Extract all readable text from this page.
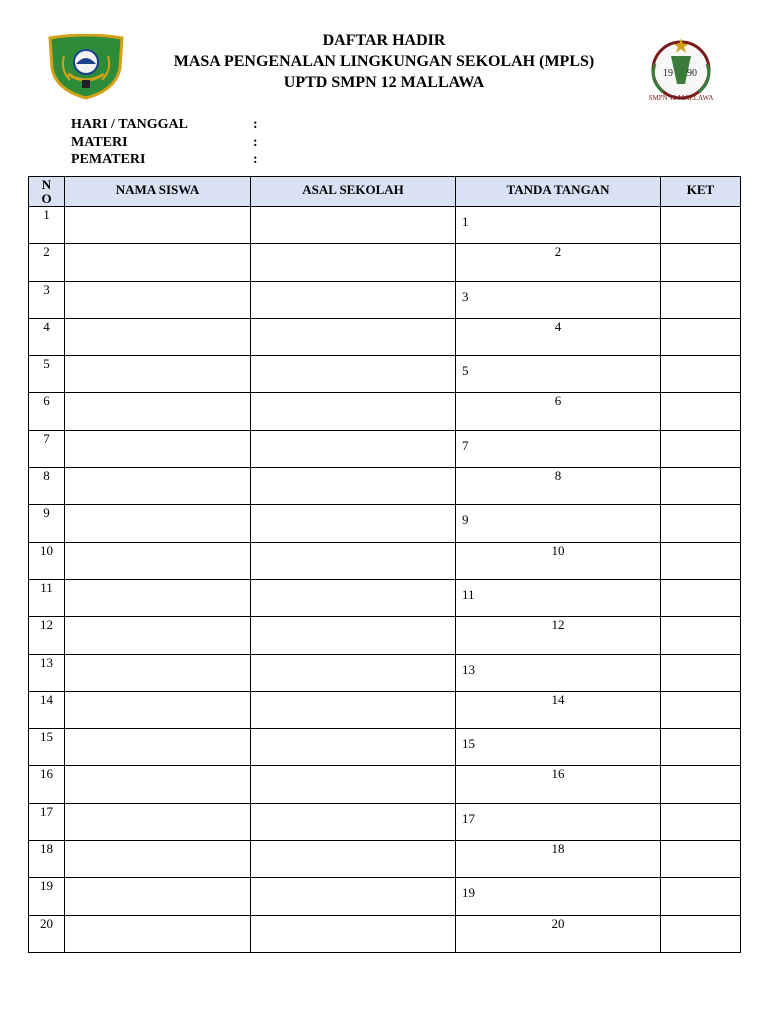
19 90
SMPN 12 MALLAWA
DAFTAR HADIR
MASA PENGENALAN LINGKUNGAN SEKOLAH (MPLS)
UPTD SMPN 12 MALLAWA
HARI / TANGGAL	:
MATERI	:
PEMATERI	:
N
O	NAMA SISWA	ASAL SEKOLAH	TANDA TANGAN	KET
1			1	

2			2	

3			3	

4			4	

5			5	

6			6	

7			7	

8			8	

9			9	

10			10	

11			11	

12			12	

13			13	

14			14	

15			15	

16			16	

17			17	

18			18	

19			19	

20			20	
